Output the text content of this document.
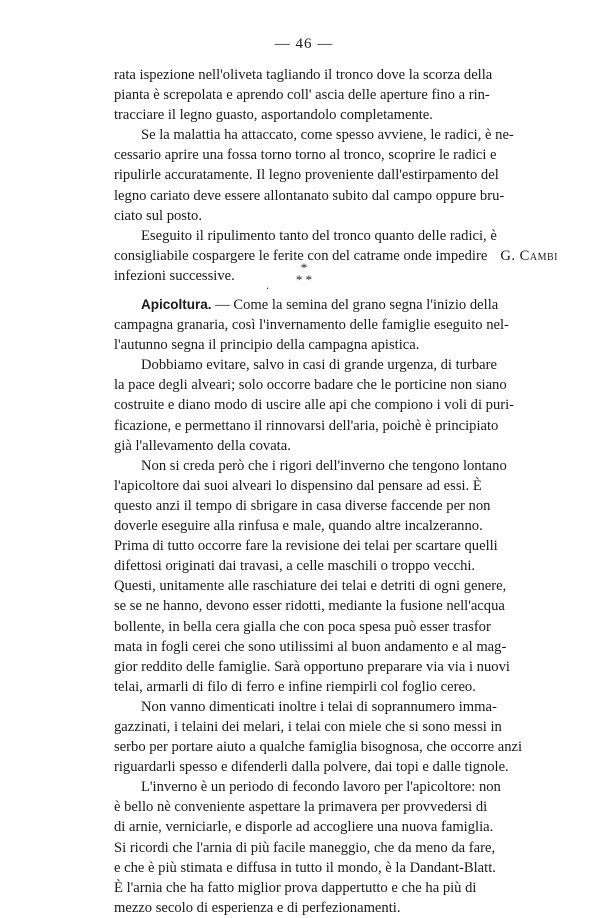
— 46 —

rata ispezione nell'oliveta tagliando il tronco dove la scorza della
pianta è screpolata e aprendo coll' ascia delle aperture fino a rin-
tracciare il legno guasto, asportandolo completamente.

Se la malattia ha attaccato, come spesso avviene, le radici, è ne-
cessario aprire una fossa torno torno al tronco, scoprire le radici e
ripulirle accuratamente. Il legno proveniente dall'estirpamento del
legno cariato deve essere allontanato subito dal campo oppure bru-
ciato sul posto.

Eseguito il ripulimento tanto del tronco quanto delle radici, è
consigliabile cospargere le ferite con del catrame onde impedire
infezioni successive.

G. Cambi
*
* *
.

Apicoltura. — Come la semina del grano segna l'inizio della
campagna granaria, così l'invernamento delle famiglie eseguito nel-
l'autunno segna il principio della campagna apistica.

Dobbiamo evitare, salvo in casi di grande urgenza, di turbare
la pace degli alveari; solo occorre badare che le porticine non siano
costruite e diano modo di uscire alle api che compiono i voli di puri-
ficazione, e permettano il rinnovarsi dell'aria, poichè è principiato
già l'allevamento della covata.

Non si creda però che i rigori dell'inverno che tengono lontano
l'apicoltore dai suoi alveari lo dispensino dal pensare ad essi. È
questo anzi il tempo di sbrigare in casa diverse faccende per non
doverle eseguire alla rinfusa e male, quando altre incalzeranno.
Prima di tutto occorre fare la revisione dei telai per scartare quelli
difettosi originati dai travasi, a celle maschili o troppo vecchi.
Questi, unitamente alle raschiature dei telai e detriti di ogni genere,
se se ne hanno, devono esser ridotti, mediante la fusione nell'acqua
bollente, in bella cera gialla che con poca spesa può esser trasfor
mata in fogli cerei che sono utilissimi al buon andamento e al mag-
gior reddito delle famiglie. Sarà opportuno preparare via via i nuovi
telai, armarli di filo di ferro e infine riempirli col foglio cereo.

Non vanno dimenticati inoltre i telai di soprannumero imma-
gazzinati, i telaini dei melari, i telai con miele che si sono messi in
serbo per portare aiuto a qualche famiglia bisognosa, che occorre anzi
riguardarli spesso e difenderli dalla polvere, dai topi e dalle tignole.

L'inverno è un periodo di fecondo lavoro per l'apicoltore: non
è bello nè conveniente aspettare la primavera per provvedersi di
di arnie, verniciarle, e disporle ad accogliere una nuova famiglia.
Si ricordi che l'arnia di più facile maneggio, che da meno da fare,
e che è più stimata e diffusa in tutto il mondo, è la Dandant-Blatt.
È l'arnia che ha fatto miglior prova dappertutto e che ha più di
mezzo secolo di esperienza e di perfezionamenti.
